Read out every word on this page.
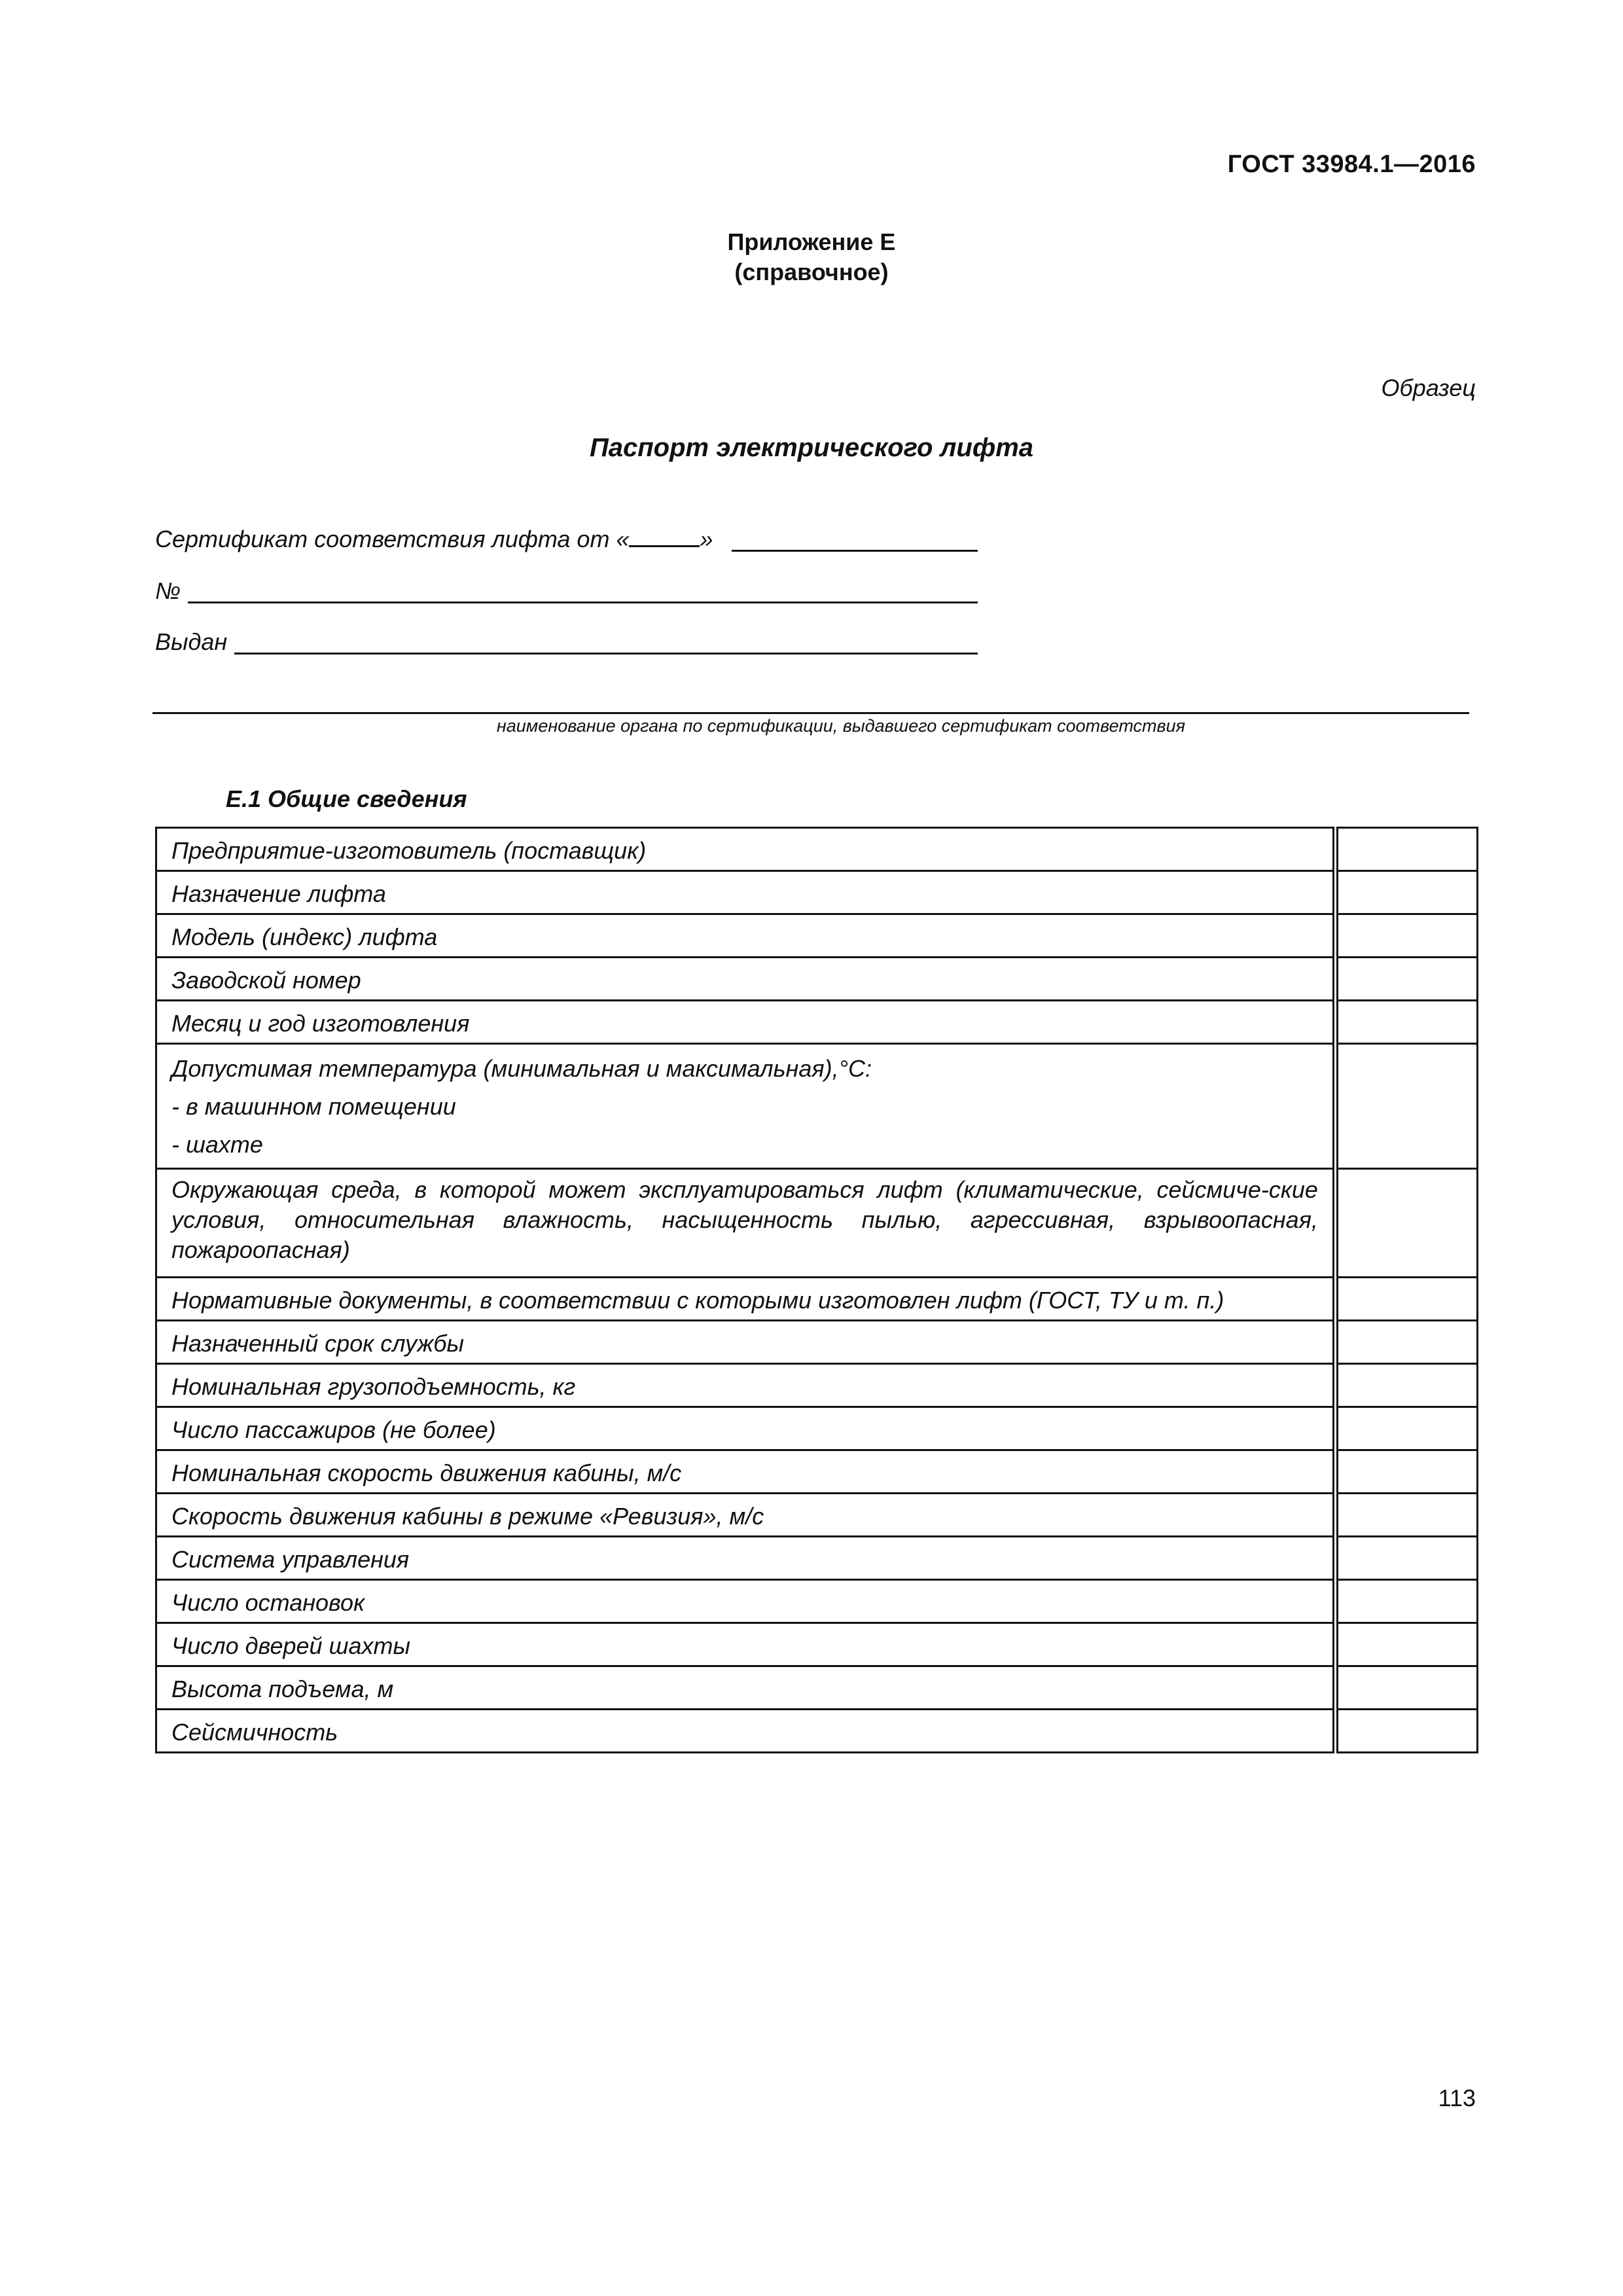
ГОСТ 33984.1—2016
Приложение Е
(справочное)
Образец
Паспорт электрического лифта
Сертификат соответствия лифта от «	»
№
Выдан
наименование органа по сертификации, выдавшего сертификат соответствия
Е.1 Общие сведения
Предприятие-изготовитель (поставщик)	
Назначение лифта	
Модель (индекс) лифта	
Заводской номер	
Месяц и год изготовления	

Допустимая температура (минимальная и максимальная),°С:
- в машинном помещении
- шахте	

Окружающая среда, в которой может эксплуатироваться лифт (климатические, сейсмиче-ские условия, относительная влажность, насыщенность пылью, агрессивная, взрывоопасная, пожароопасная)	

Нормативные документы, в соответствии с которыми изготовлен лифт (ГОСТ, ТУ и т. п.)	
Назначенный срок службы	
Номинальная грузоподъемность, кг	
Число пассажиров (не более)	
Номинальная скорость движения кабины, м/с	
Скорость движения кабины в режиме «Ревизия», м/с	
Система управления	
Число остановок	
Число дверей шахты	
Высота подъема, м	
Сейсмичность	
113
